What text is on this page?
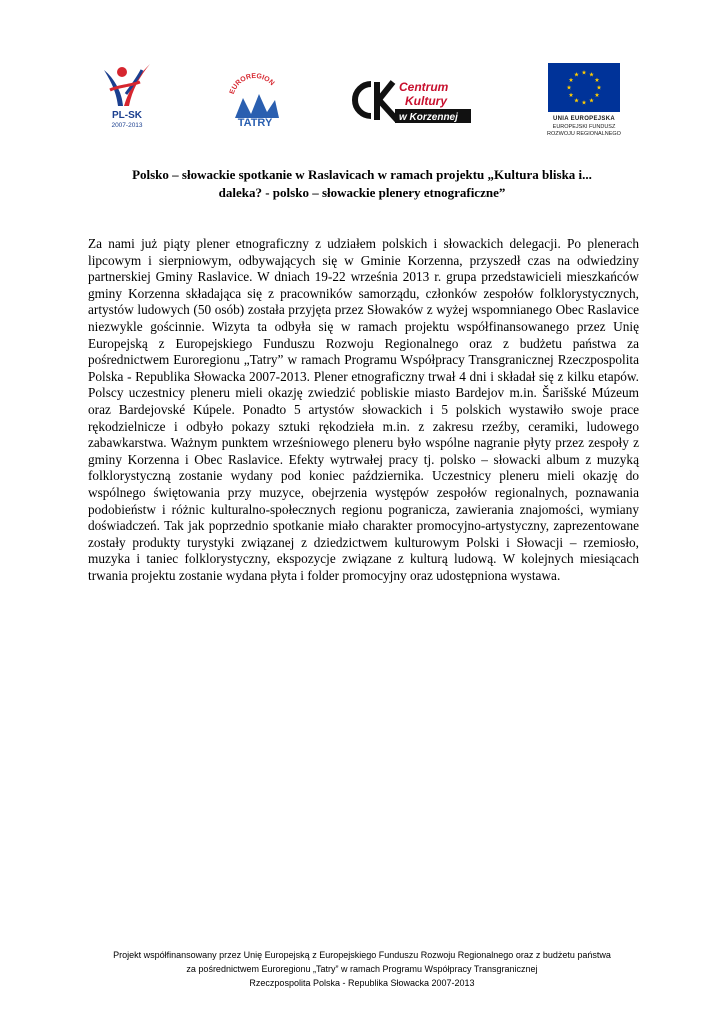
PL-SK
2007-2013
EUROREGION
TATRY
Centrum
Kultury
w Korzennej	UNIA EUROPEJSKA
EUROPEJSKI FUNDUSZ
ROZWOJU REGIONALNEGO
Polsko – słowackie spotkanie w Raslavicach w ramach projektu „Kultura bliska i...
daleka? - polsko – słowackie plenery etnograficzne”
Za nami już piąty plener etnograficzny z udziałem polskich i słowackich delegacji. Po plenerach lipcowym i sierpniowym, odbywających się w Gminie Korzenna, przyszedł czas na odwiedziny partnerskiej Gminy Raslavice. W dniach 19-22 września 2013 r. grupa przedstawicieli mieszkańców gminy Korzenna składająca się z pracowników samorządu, członków zespołów folklorystycznych, artystów ludowych (50 osób) została przyjęta przez Słowaków z wyżej wspomnianego Obec Raslavice niezwykle gościnnie. Wizyta ta odbyła się w ramach projektu współfinansowanego przez Unię Europejską z Europejskiego Funduszu Rozwoju Regionalnego oraz z budżetu państwa za pośrednictwem Euroregionu „Tatry” w ramach Programu Współpracy Transgranicznej Rzeczpospolita Polska - Republika Słowacka 2007-2013. Plener etnograficzny trwał 4 dni i składał się z kilku etapów. Polscy uczestnicy pleneru mieli okazję zwiedzić pobliskie miasto Bardejov m.in. Šarišské Múzeum oraz Bardejovské Kúpele. Ponadto 5 artystów słowackich i 5 polskich wystawiło swoje prace rękodzielnicze i odbyło pokazy sztuki rękodzieła m.in. z zakresu rzeźby, ceramiki, ludowego zabawkarstwa. Ważnym punktem wrześniowego pleneru było wspólne nagranie płyty przez zespoły z gminy Korzenna i Obec Raslavice. Efekty wytrwałej pracy tj. polsko – słowacki album z muzyką folklorystyczną zostanie wydany pod koniec października. Uczestnicy pleneru mieli okazję do wspólnego świętowania przy muzyce, obejrzenia występów zespołów regionalnych, poznawania podobieństw i różnic kulturalno-społecznych regionu pogranicza, zawierania znajomości, wymiany doświadczeń. Tak jak poprzednio spotkanie miało charakter promocyjno-artystyczny, zaprezentowane zostały produkty turystyki związanej z dziedzictwem kulturowym Polski i Słowacji – rzemiosło, muzyka i taniec folklorystyczny, ekspozycje związane z kulturą ludową. W kolejnych miesiącach trwania projektu zostanie wydana płyta i folder promocyjny oraz udostępniona wystawa.
Projekt współfinansowany przez Unię Europejską z Europejskiego Funduszu Rozwoju Regionalnego oraz z budżetu państwa
za pośrednictwem Euroregionu „Tatry” w ramach Programu Współpracy Transgranicznej
Rzeczpospolita Polska - Republika Słowacka 2007-2013
